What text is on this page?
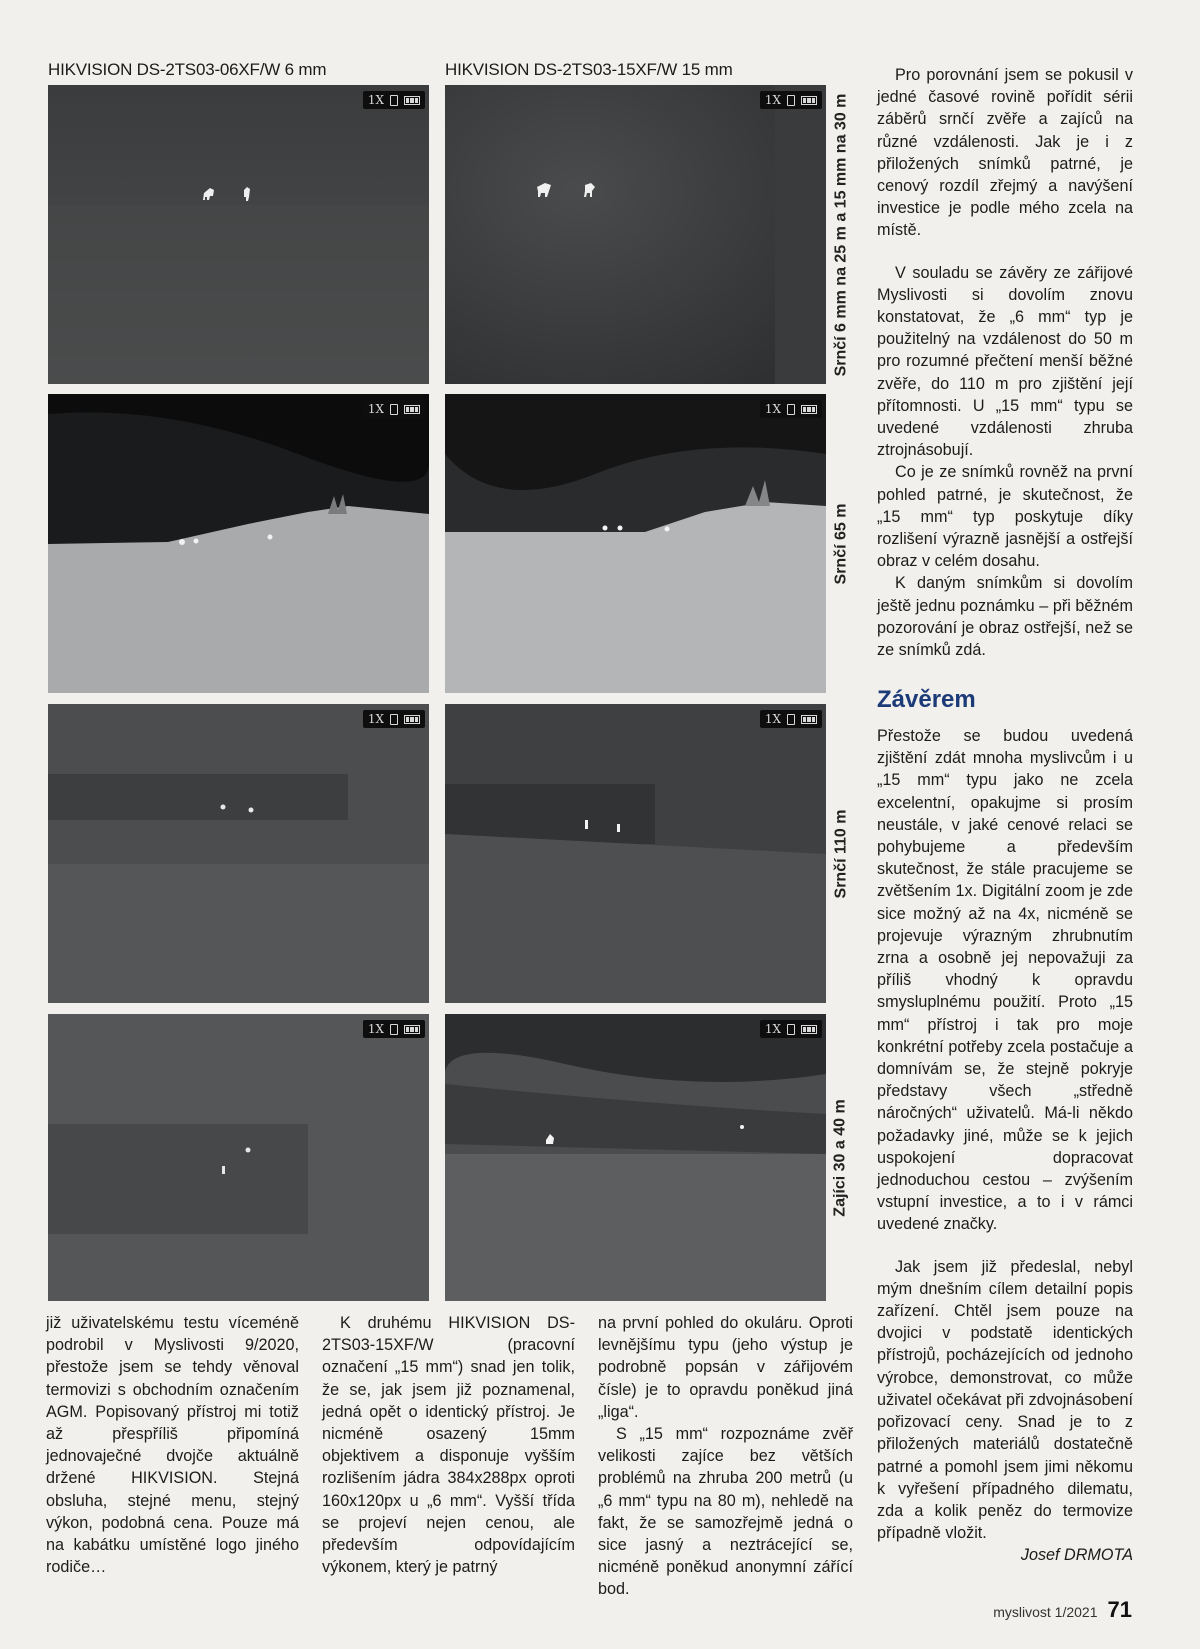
HIKVISION DS-2TS03-06XF/W 6 mm	HIKVISION DS-2TS03-15XF/W 15 mm
1X	1X	Srnčí 6 mm na 25 m a 15 mm na 30 m
1X	1X
Srnčí 65 m
1X	1X
Srnčí 110 m
1X	1X
Zajíci 30 a 40 m

Pro porovnání jsem se pokusil v jedné časové rovině pořídit sérii záběrů srnčí zvěře a zajíců na různé vzdálenosti. Jak je i z přiložených snímků patrné, je cenový rozdíl zřejmý a navýšení investice je podle mého zcela na místě.

V souladu se závěry ze zářijové Myslivosti si dovolím znovu konstatovat, že „6 mm“ typ je použitelný na vzdálenost do 50 m pro rozumné přečtení menší běžné zvěře, do 110 m pro zjištění její přítomnosti. U „15 mm“ typu se uvedené vzdálenosti zhruba ztrojnásobují.

Co je ze snímků rovněž na první pohled patrné, je skutečnost, že „15 mm“ typ poskytuje díky rozlišení výrazně jasnější a ostřejší obraz v celém dosahu.

K daným snímkům si dovolím ještě jednu poznámku – při běžném pozorování je obraz ostřejší, než se ze snímků zdá.

Závěrem

Přestože se budou uvedená zjištění zdát mnoha myslivcům i u „15 mm“ typu jako ne zcela excelentní, opakujme si prosím neustále, v jaké cenové relaci se pohybujeme a především skutečnost, že stále pracujeme se zvětšením 1x. Digitální zoom je zde sice možný až na 4x, nicméně se projevuje výrazným zhrubnutím zrna a osobně jej nepovažuji za příliš vhodný k opravdu smysluplnému použití. Proto „15 mm“ přístroj i tak pro moje konkrétní potřeby zcela postačuje a domnívám se, že stejně pokryje představy všech „středně náročných“ uživatelů. Má-li někdo požadavky jiné, může se k jejich uspokojení dopracovat jednoduchou cestou – zvýšením vstupní investice, a to i v rámci uvedené značky.

Jak jsem již předeslal, nebyl mým dnešním cílem detailní popis zařízení. Chtěl jsem pouze na dvojici v podstatě identických přístrojů, pocházejících od jednoho výrobce, demonstrovat, co může uživatel očekávat při zdvojnásobení pořizovací ceny. Snad je to z přiložených materiálů dostatečně patrné a pomohl jsem jimi někomu k vyřešení případného dilematu, zda a kolik peněz do termovize případně vložit.

Josef DRMOTA

již uživatelskému testu víceméně podrobil v Myslivosti 9/2020, přestože jsem se tehdy věnoval termovizi s obchodním označením AGM. Popisovaný přístroj mi totiž až přespříliš připomíná jednovaječné dvojče aktuálně držené HIKVISION. Stejná obsluha, stejné menu, stejný výkon, podobná cena. Pouze má na kabátku umístěné logo jiného rodiče…

K druhému HIKVISION DS-2TS03-15XF/W (pracovní označení „15 mm“) snad jen tolik, že se, jak jsem již poznamenal, jedná opět o identický přístroj. Je nicméně osazený 15mm objektivem a disponuje vyšším rozlišením jádra 384x288px oproti 160x120px u „6 mm“. Vyšší třída se projeví nejen cenou, ale především odpovídajícím výkonem, který je patrný

na první pohled do okuláru. Oproti levnějšímu typu (jeho výstup je podrobně popsán v zářijovém čísle) je to opravdu poněkud jiná „liga“.

S „15 mm“ rozpoznáme zvěř velikosti zajíce bez větších problémů na zhruba 200 metrů (u „6 mm“ typu na 80 m), nehledě na fakt, že se samozřejmě jedná o sice jasný a neztrácející se, nicméně poněkud anonymní zářící bod.

myslivost 1/2021 71
